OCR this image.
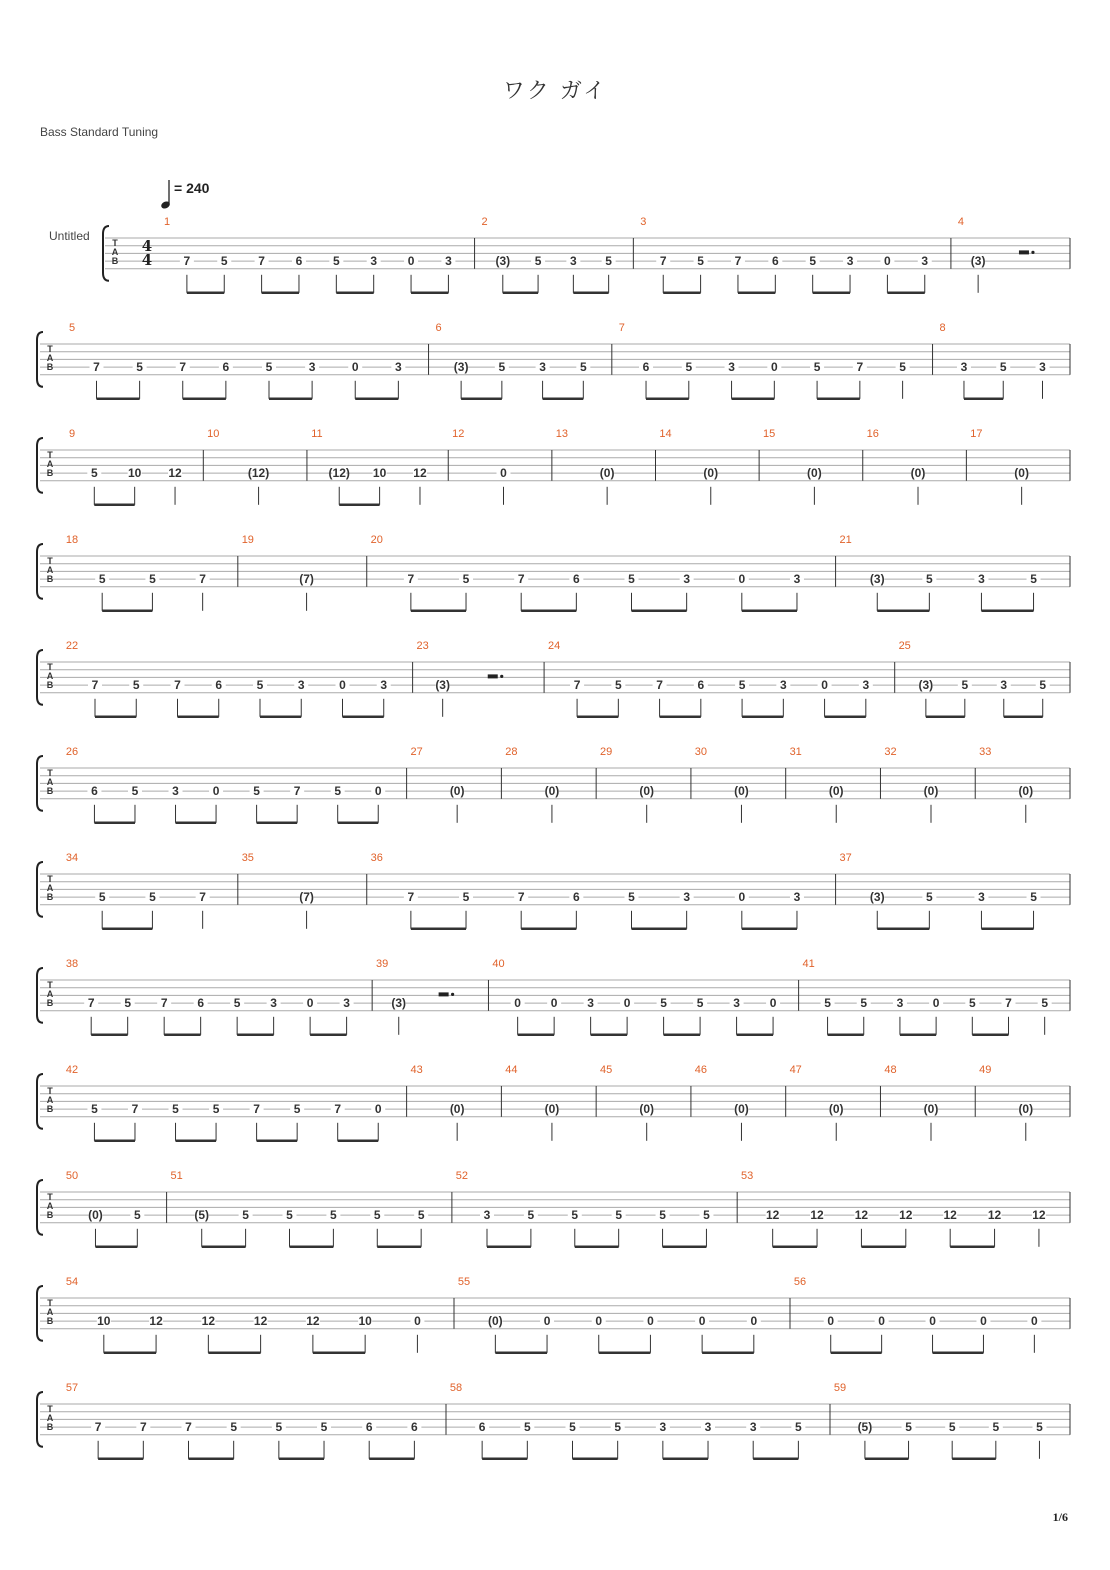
ワク ガイ
Bass Standard Tuning
= 240
Untitled	T
A
B
4
4
1
7	5	7	6	5	3	0	3
2
(3) 5 3 5
3
7	5	7	6	5	3	0	3
4
(3)
T
A
B
5
7	5	7	6	5	3	0	3
6
(3)	5	3	5
7
6	5	3	0	5	7	5
8
3	5	3
T
A
B
9
5	10 12
10
(12)
11
(12) 10 12
12
0
13
(0)
14
(0)
15
(0)
16
(0)
17
(0)
T
A
B
18
5	5	7
19
(7)
20
7	5	7	6	5	3	0	3
21
(3)	5	3	5
T
A
B
22
7	5	7	6	5	3	0	3
23
(3)
24
7	5	7	6	5	3	0	3
25
(3) 5	3	5
T
A
B
26
6	5	3	0	5	7	5	0
27
(0)
28
(0)
29
(0)
30
(0)
31
(0)
32
(0)
33
(0)
T
A
B
34
5	5	7
35
(7)
36
7	5	7	6	5	3	0	3
37
(3)	5	3	5
T
A
B
38
7 5 7 6 5 3 0 3
39
(3)
40
0 0 3 0 5 5 3 0
41
5 5 3 0 5 7 5
T
A
B
42
5	7	5	5	7	5	7	0
43
(0)
44
(0)
45
(0)
46
(0)
47
(0)
48
(0)
49
(0)
T
A
B
50
(0)	5
51
(5)	5	5	5	5	5
52
3	5	5	5	5	5
53
12	12	12	12	12	12	12
T
A
B
54
10	12	12	12	12	10	0
55
(0)	0	0	0	0	0
56
0	0	0	0	0
T
A
B
57
7	7	7	5	5	5	6	6
58
6	5	5	5	3	3	3	5
59
(5)	5	5	5	5
1/6
